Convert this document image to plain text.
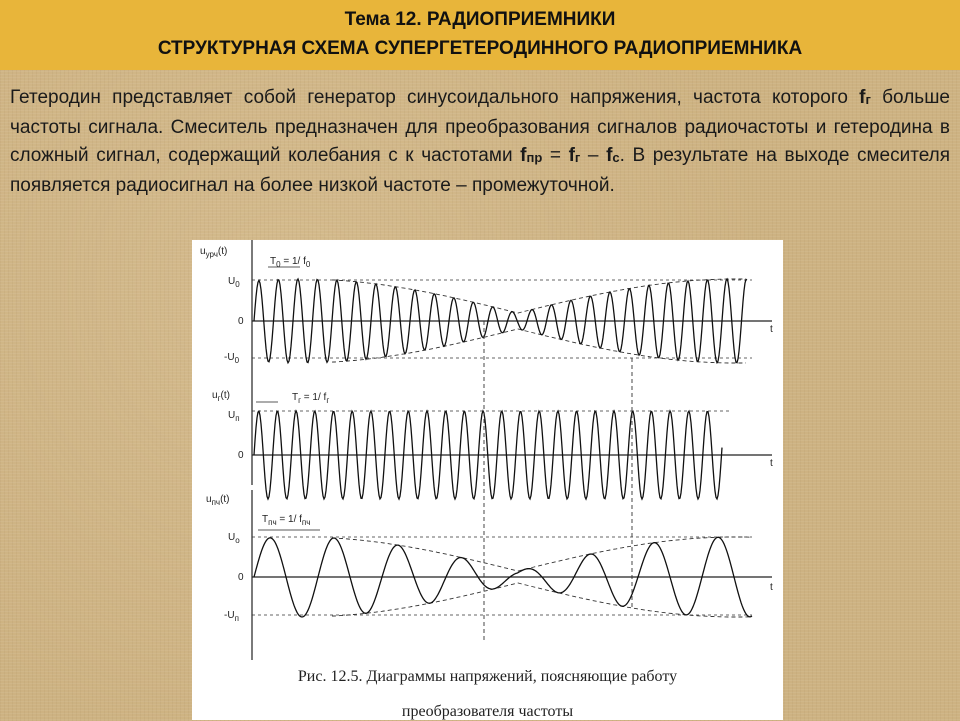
Тема 12. РАДИОПРИЕМНИКИ
СТРУКТУРНАЯ СХЕМА СУПЕРГЕТЕРОДИННОГО РАДИОПРИЕМНИКА
Гетеродин представляет собой генератор синусоидального напряжения, частота которого $f_г$ больше частоты сигнала. Смеситель предназначен для преобразования сигналов радиочастоты и гетеродина в сложный сигнал, содержащий колебания с к частотами $f_{пр} = f_г - f_c$. В результате на выходе смесителя появляется радиосигнал на более низкой частоте – промежуточной.
$u_{урч}(t)$
$T_0 = 1/$ $f_0$
$U_0$
0
$-U_0$
t
$u_г(t)$	$T_г = 1/$ $f_г$
$U_п$
0
t
$u_{пч}(t)$
$T_{пч} = 1/$ $f_{пч}$
$U_о$
0
$-U_п$
t
Рис. 12.5. Диаграммы напряжений, поясняющие работу
преобразователя частоты
